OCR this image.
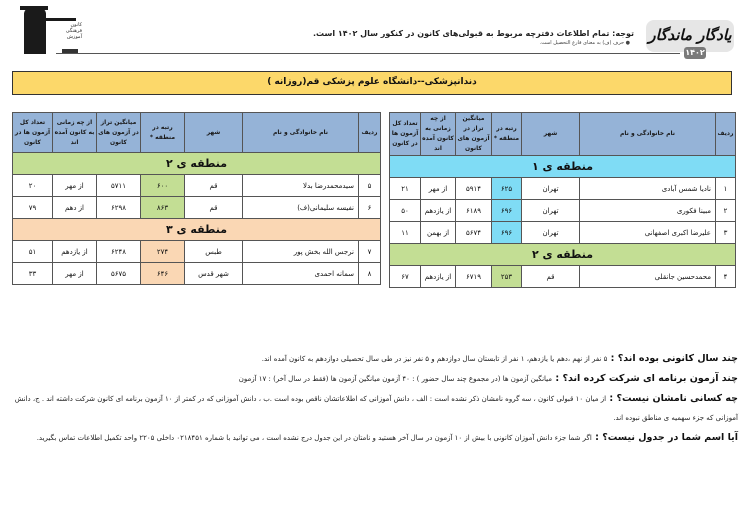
کانون
فرهنگی
آموزش	توجه: تمام اطلاعات دفترچه مربوط به قبولی‌های کانون در کنکور سال ۱۴۰۲ است.
● حرف (ف) به معنای فارغ التحصیل است. یادگار ماندگار
۱۴۰۲
دندانپزشکی--دانشگاه علوم پزشکی قم(روزانه )
ردیف	نام خانوادگی و نام	شهر	رتبه در منطقه *	میانگین تراز در آزمون های کانون	از چه زمانی به کانون آمده اند	تعداد کل آزمون ها در کانون
منطقه ی ۱						
۱	نادیا شمس آبادی	تهران	۶۲۵	۵۹۱۴	از مهر	۲۱
۲	مبینا فکوری	تهران	۶۹۶	۶۱۸۹	از یازدهم	۵۰
۳	علیرضا اکبری اصفهانی	تهران	۶۹۶	۵۶۷۴	از بهمن	۱۱
منطقه ی ۲						
۴	محمدحسین جانقلی	قم	۲۵۳	۶۷۱۹	از یازدهم	۶۷
ردیف	نام خانوادگی و نام	شهر	رتبه در منطقه *	میانگین تراز در آزمون های کانون	از چه زمانی به کانون آمده اند	تعداد کل آزمون ها در کانون
منطقه ی ۲						
۵	سیدمحمدرضا بدلا	قم	۶۰۰	۵۷۱۱	از مهر	۲۰
۶	نفیسه سلیمانی(ف)	قم	۸۶۳	۶۲۹۸	از دهم	۷۹
منطقه ی ۳						
۷	نرجس الله بخش پور	طبس	۲۷۴	۶۲۴۸	از یازدهم	۵۱
۸	سمانه احمدی	شهر قدس	۶۴۶	۵۶۷۵	از مهر	۳۳

چند سال کانونی بوده اند؟ : ۵ نفر از نهم ،دهم یا یازدهم، ۱ نفر از تابستان سال دوازدهم و ۵ نفر نیز در طی سال تحصیلی دوازدهم به کانون آمده اند.

چند آزمون برنامه ای شرکت کرده اند؟ : میانگین آزمون ها (در مجموع چند سال حضور ) : ۴۰ آزمون میانگین آزمون ها (فقط در سال آخر) : ۱۷ آزمون

چه کسانی نامشان نیست؟ : از میان ۱۰ قبولی کانون ، سه گروه نامشان ذکر نشده است : الف ، دانش آموزانی که اطلاعاتشان ناقص بوده است .ب ، دانش آموزانی که در کمتر از ۱۰ آزمون برنامه ای کانون شرکت داشته اند . ج، دانش آموزانی که جزء سهمیه ی مناطق نبوده اند.

آیا اسم شما در جدول نیست؟ : اگر شما جزء دانش آموزان کانونی با بیش از ۱۰ آزمون در سال آخر هستید و نامتان در این جدول درج نشده است ، می توانید با شماره ۰۲۱۸۴۵۱ داخلی ۲۲۰۵ واحد تکمیل اطلاعات تماس بگیرید.
